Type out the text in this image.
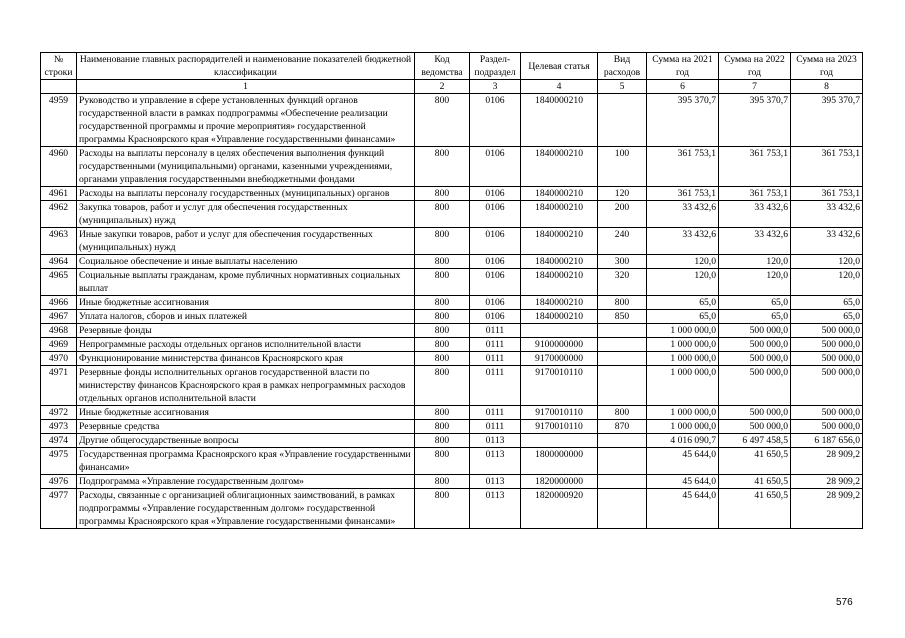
№ строки	Наименование главных распорядителей и наименование показателей бюджетной классификации	Код ведомства	Раздел-подраздел	Целевая статья	Вид расходов	Сумма на 2021 год	Сумма на 2022 год	Сумма на 2023 год
	1	2	3	4	5	6	7	8
4959	Руководство и управление в сфере установленных функций органов государственной власти в рамках подпрограммы «Обеспечение реализации государственной программы и прочие мероприятия» государственной программы Красноярского края «Управление государственными финансами»	800	0106	1840000210		395 370,7	395 370,7	395 370,7
4960	Расходы на выплаты персоналу в целях обеспечения выполнения функций государственными (муниципальными) органами, казенными учреждениями, органами управления государственными внебюджетными фондами	800	0106	1840000210	100	361 753,1	361 753,1	361 753,1
4961	Расходы на выплаты персоналу государственных (муниципальных) органов	800	0106	1840000210	120	361 753,1	361 753,1	361 753,1
4962	Закупка товаров, работ и услуг для обеспечения государственных (муниципальных) нужд	800	0106	1840000210	200	33 432,6	33 432,6	33 432,6
4963	Иные закупки товаров, работ и услуг для обеспечения государственных (муниципальных) нужд	800	0106	1840000210	240	33 432,6	33 432,6	33 432,6
4964	Социальное обеспечение и иные выплаты населению	800	0106	1840000210	300	120,0	120,0	120,0
4965	Социальные выплаты гражданам, кроме публичных нормативных социальных выплат	800	0106	1840000210	320	120,0	120,0	120,0
4966	Иные бюджетные ассигнования	800	0106	1840000210	800	65,0	65,0	65,0
4967	Уплата налогов, сборов и иных платежей	800	0106	1840000210	850	65,0	65,0	65,0
4968	Резервные фонды	800	0111			1 000 000,0	500 000,0	500 000,0
4969	Непрограммные расходы отдельных органов исполнительной власти	800	0111	9100000000		1 000 000,0	500 000,0	500 000,0
4970	Функционирование министерства финансов Красноярского края	800	0111	9170000000		1 000 000,0	500 000,0	500 000,0
4971	Резервные фонды исполнительных органов государственной власти по министерству финансов Красноярского края в рамках непрограммных расходов отдельных органов исполнительной власти	800	0111	9170010110		1 000 000,0	500 000,0	500 000,0
4972	Иные бюджетные ассигнования	800	0111	9170010110	800	1 000 000,0	500 000,0	500 000,0
4973	Резервные средства	800	0111	9170010110	870	1 000 000,0	500 000,0	500 000,0
4974	Другие общегосударственные вопросы	800	0113			4 016 090,7	6 497 458,5	6 187 656,0
4975	Государственная программа Красноярского края «Управление государственными финансами»	800	0113	1800000000		45 644,0	41 650,5	28 909,2
4976	Подпрограмма «Управление государственным долгом»	800	0113	1820000000		45 644,0	41 650,5	28 909,2
4977	Расходы, связанные с организацией облигационных заимствований, в рамках подпрограммы «Управление государственным долгом» государственной программы Красноярского края «Управление государственными финансами»	800	0113	1820000920		45 644,0	41 650,5	28 909,2
576
